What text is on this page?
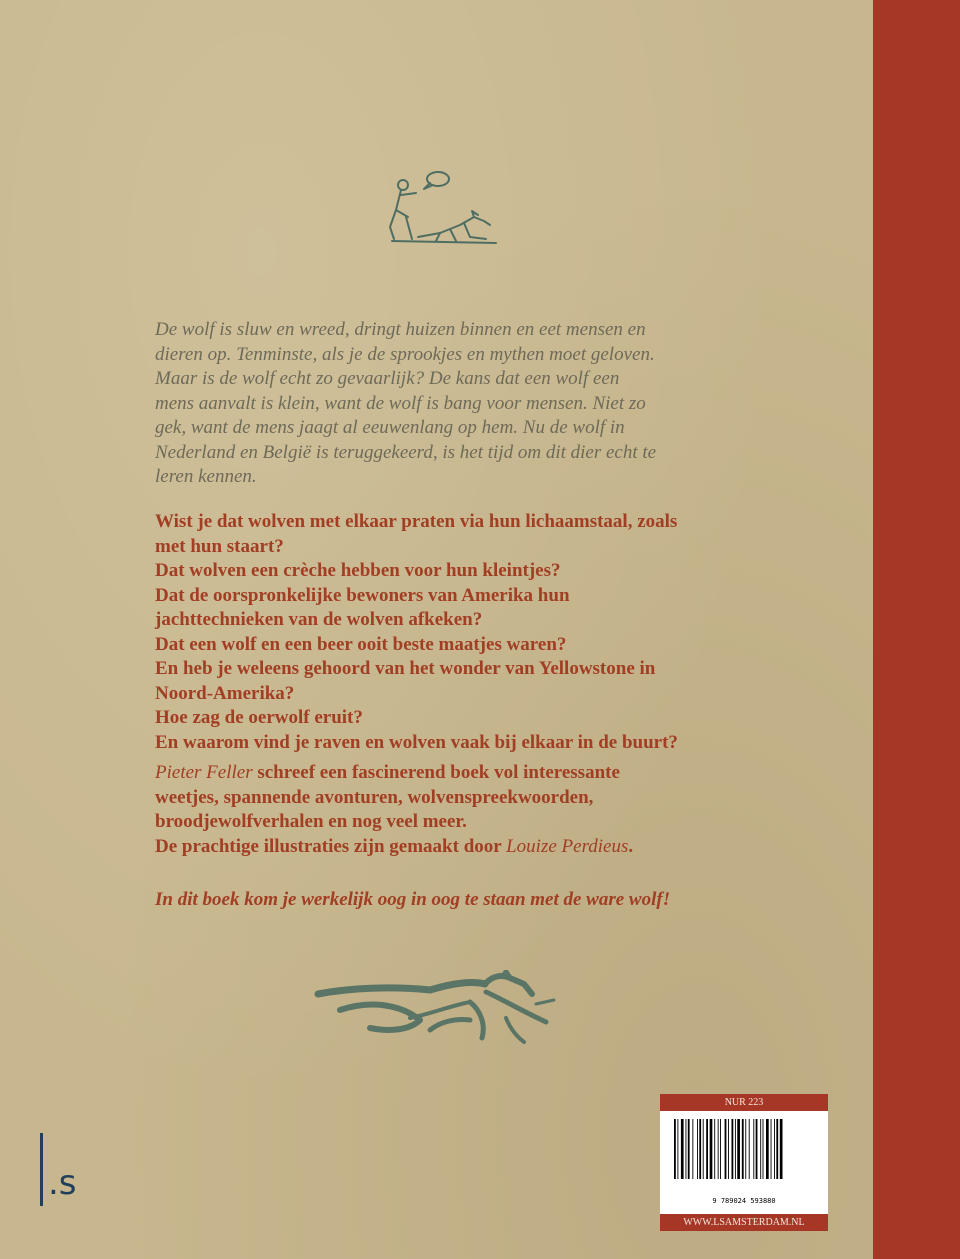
De wolf is sluw en wreed, dringt huizen binnen en eet mensen en
dieren op. Tenminste, als je de sprookjes en mythen moet geloven.
Maar is de wolf echt zo gevaarlijk? De kans dat een wolf een
mens aanvalt is klein, want de wolf is bang voor mensen. Niet zo
gek, want de mens jaagt al eeuwenlang op hem. Nu de wolf in
Nederland en België is teruggekeerd, is het tijd om dit dier echt te
leren kennen.
Wist je dat wolven met elkaar praten via hun lichaamstaal, zoals
met hun staart?
Dat wolven een crèche hebben voor hun kleintjes?
Dat de oorspronkelijke bewoners van Amerika hun
jachttechnieken van de wolven afkeken?
Dat een wolf en een beer ooit beste maatjes waren?
En heb je weleens gehoord van het wonder van Yellowstone in
Noord-Amerika?
Hoe zag de oerwolf eruit?
En waarom vind je raven en wolven vaak bij elkaar in de buurt?
Pieter Feller schreef een fascinerend boek vol interessante
weetjes, spannende avonturen, wolvenspreekwoorden,
broodjewolfverhalen en nog veel meer.
De prachtige illustraties zijn gemaakt door Louize Perdieus.
In dit boek kom je werkelijk oog in oog te staan met de ware wolf!
.s
NUR 223
9 789024 593880
WWW.LSAMSTERDAM.NL
